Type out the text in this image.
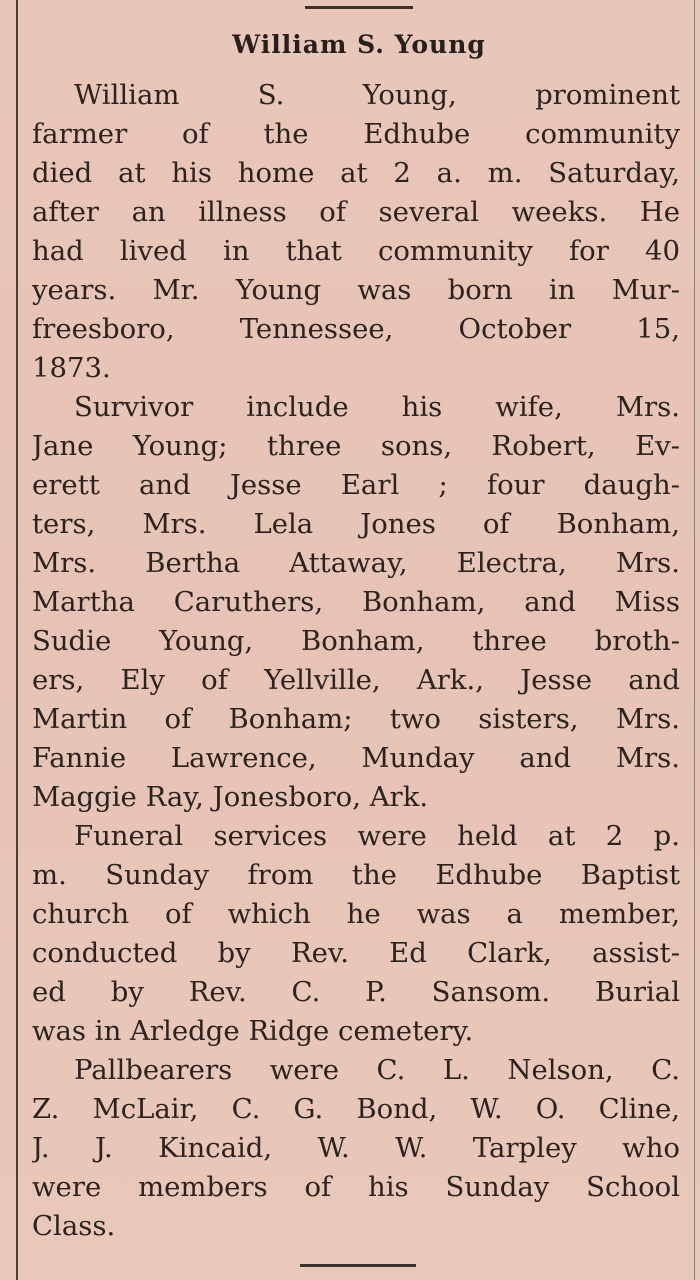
William S. Young
William S. Young, prominent
farmer of the Edhube community
died at his home at 2 a. m. Saturday,
after an illness of several weeks. He
had lived in that community for 40
years. Mr. Young was born in Mur-
freesboro, Tennessee, October 15,
1873.
Survivor include his wife, Mrs.
Jane Young; three sons, Robert, Ev-
erett and Jesse Earl ; four daugh-
ters, Mrs. Lela Jones of Bonham,
Mrs. Bertha Attaway, Electra, Mrs.
Martha Caruthers, Bonham, and Miss
Sudie Young, Bonham, three broth-
ers, Ely of Yellville, Ark., Jesse and
Martin of Bonham; two sisters, Mrs.
Fannie Lawrence, Munday and Mrs.
Maggie Ray, Jonesboro, Ark.
Funeral services were held at 2 p.
m. Sunday from the Edhube Baptist
church of which he was a member,
conducted by Rev. Ed Clark, assist-
ed by Rev. C. P. Sansom. Burial
was in Arledge Ridge cemetery.
Pallbearers were C. L. Nelson, C.
Z. McLair, C. G. Bond, W. O. Cline,
J. J. Kincaid, W. W. Tarpley who
were members of his Sunday School
Class.
